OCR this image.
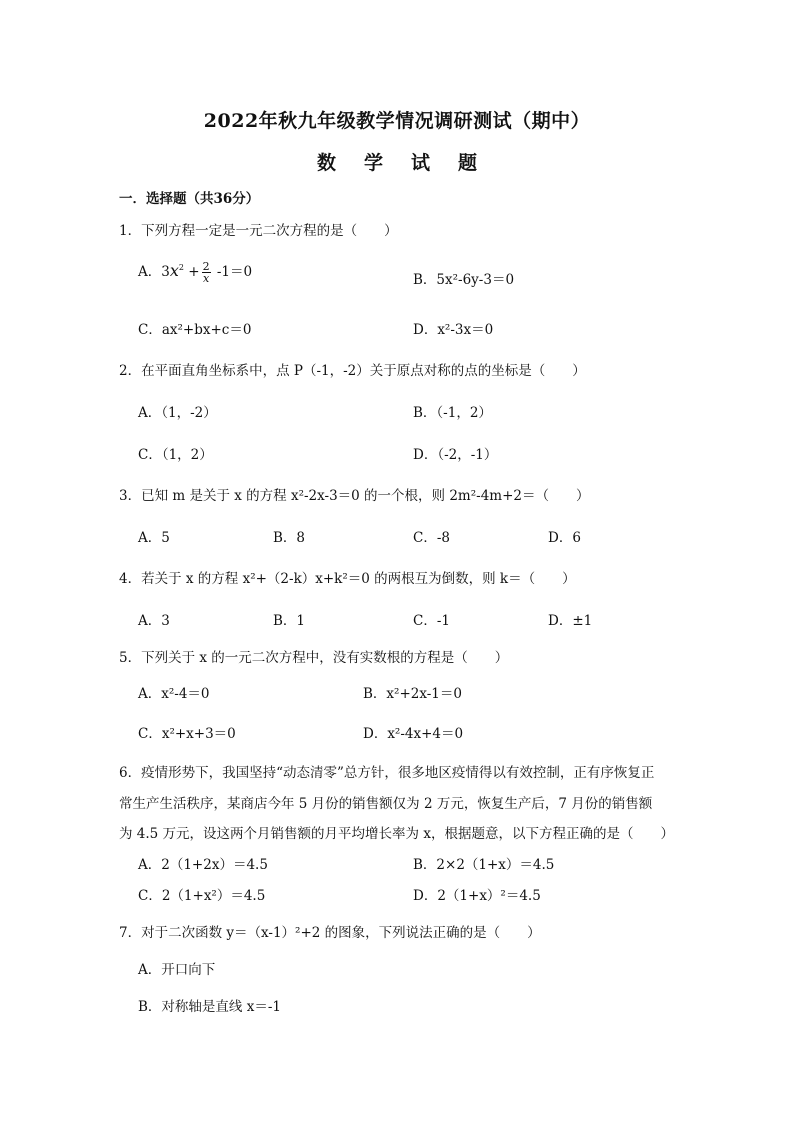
2022年秋九年级教学情况调研测试（期中）
数 学 试 题
一．选择题（共36分）
1．下列方程一定是一元二次方程的是（　　）
A．$3x^2 + \frac{2}{x} -1=0$	B．5x²-6y-3＝0
C．ax²+bx+c＝0	D．x²-3x＝0
2．在平面直角坐标系中，点 P（-1，-2）关于原点对称的点的坐标是（　　）
A．（1，-2）	B．（-1，2）
C．（1，2）	D．（-2，-1）
3．已知 m 是关于 x 的方程 x²-2x-3＝0 的一个根，则 2m²-4m+2＝（　　）
A．5	B．8	C．-8	D．6
4．若关于 x 的方程 x²+（2-k）x+k²＝0 的两根互为倒数，则 k＝（　　）
A．3	B．1	C．-1	D．±1
5．下列关于 x 的一元二次方程中，没有实数根的方程是（　　）
A．x²-4＝0	B．x²+2x-1＝0
C．x²+x+3＝0	D．x²-4x+4＝0
6．疫情形势下，我国坚持“动态清零”总方针，很多地区疫情得以有效控制，正有序恢复正
常生产生活秩序，某商店今年 5 月份的销售额仅为 2 万元，恢复生产后，7 月份的销售额
为 4.5 万元，设这两个月销售额的月平均增长率为 x，根据题意，以下方程正确的是（　　）
A．2（1+2x）＝4.5	B．2×2（1+x）＝4.5
C．2（1+x²）＝4.5	D．2（1+x）²＝4.5
7．对于二次函数 y＝（x-1）²+2 的图象，下列说法正确的是（　　）
A．开口向下
B．对称轴是直线 x＝-1
